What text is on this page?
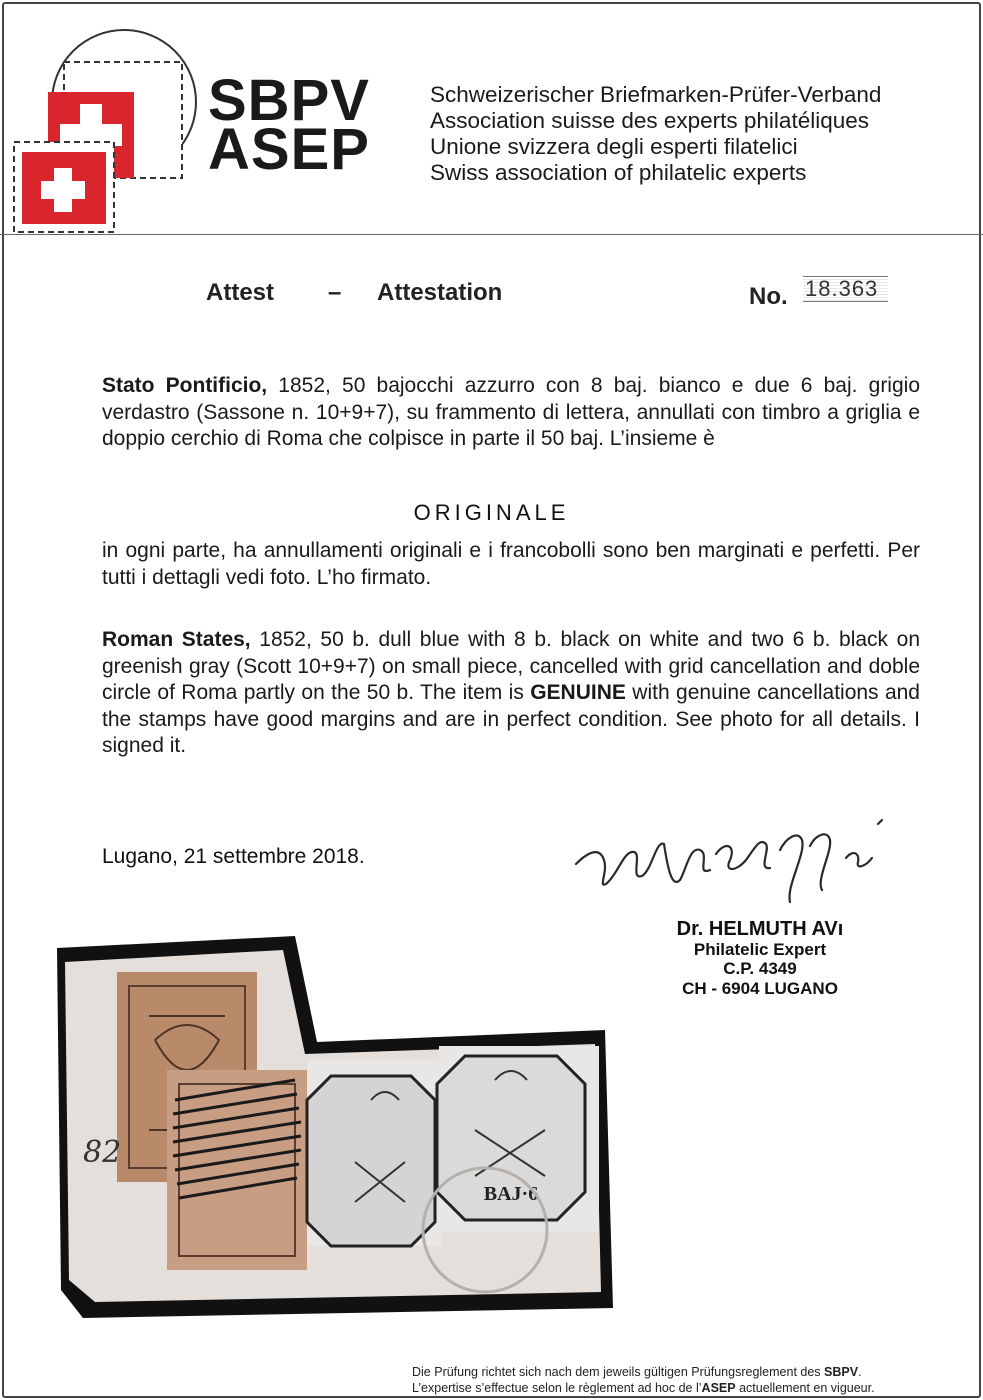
SBPV
ASEP
Schweizerischer Briefmarken-Prüfer-Verband
Association suisse des experts philatéliques
Unione svizzera degli esperti filatelici
Swiss association of philatelic experts
Attest – Attestation	No. 18.363
Stato Pontificio, 1852, 50 bajocchi azzurro con 8 baj. bianco e due 6 baj. grigio verdastro (Sassone n. 10+9+7), su frammento di lettera, annullati con timbro a griglia e doppio cerchio di Roma che colpisce in parte il 50 baj. L’insieme è
ORIGINALE
in ogni parte, ha annullamenti originali e i francobolli sono ben marginati e perfetti. Per tutti i dettagli vedi foto. L’ho firmato.
Roman States, 1852, 50 b. dull blue with 8 b. black on white and two 6 b. black on greenish gray (Scott 10+9+7) on small piece, cancelled with grid cancellation and doble circle of Roma partly on the 50 b. The item is GENUINE with genuine cancellations and the stamps have good margins and are in perfect condition. See photo for all details. I signed it.
Lugano, 21 settembre 2018.
Dr. HELMUTH AVı
Philatelic Expert
C.P. 4349
CH - 6904 LUGANO
BAJ·6
82
Die Prüfung richtet sich nach dem jeweils gültigen Prüfungsreglement des SBPV.
L’expertise s’effectue selon le règlement ad hoc de l’ASEP actuellement en vigueur.
